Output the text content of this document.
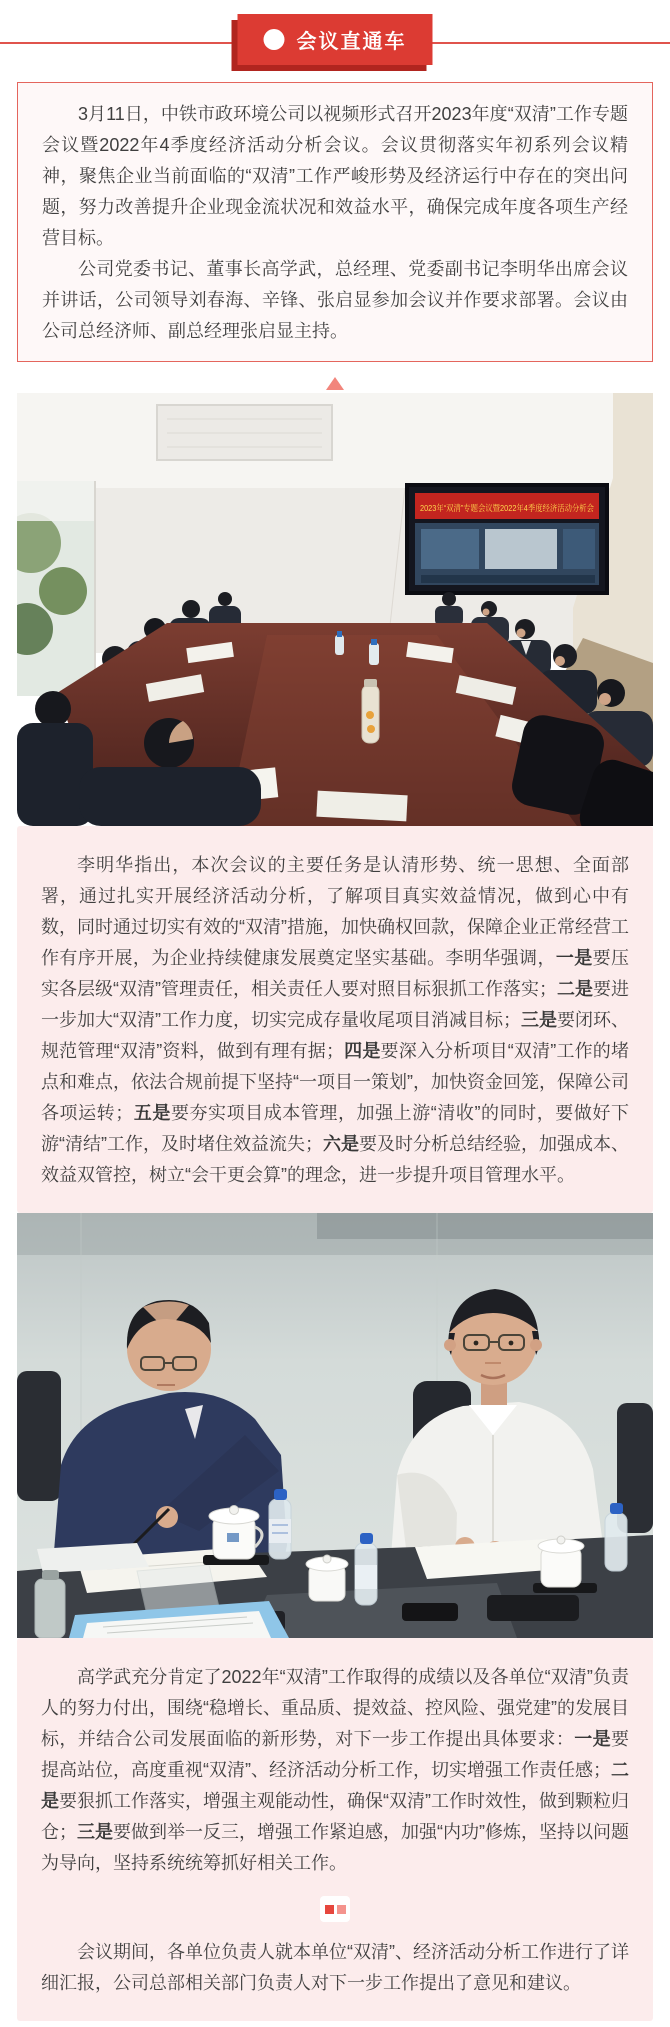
会议直通车

3月11日，中铁市政环境公司以视频形式召开2023年度“双清”工作专题会议暨2022年4季度经济活动分析会议。会议贯彻落实年初系列会议精神，聚焦企业当前面临的“双清”工作严峻形势及经济运行中存在的突出问题，努力改善提升企业现金流状况和效益水平，确保完成年度各项生产经营目标。

公司党委书记、董事长高学武，总经理、党委副书记李明华出席会议并讲话，公司领导刘春海、辛锋、张启显参加会议并作要求部署。会议由公司总经济师、副总经理张启显主持。

2023年“双清”专题会议暨2022年4季度经济活动分析会

李明华指出，本次会议的主要任务是认清形势、统一思想、全面部署，通过扎实开展经济活动分析，了解项目真实效益情况，做到心中有数，同时通过切实有效的“双清”措施，加快确权回款，保障企业正常经营工作有序开展，为企业持续健康发展奠定坚实基础。李明华强调，一是要压实各层级“双清”管理责任，相关责任人要对照目标狠抓工作落实；二是要进一步加大“双清”工作力度，切实完成存量收尾项目消减目标；三是要闭环、规范管理“双清”资料，做到有理有据；四是要深入分析项目“双清”工作的堵点和难点，依法合规前提下坚持“一项目一策划”，加快资金回笼，保障公司各项运转；五是要夯实项目成本管理，加强上游“清收”的同时，要做好下游“清结”工作，及时堵住效益流失；六是要及时分析总结经验，加强成本、效益双管控，树立“会干更会算”的理念，进一步提升项目管理水平。

高学武充分肯定了2022年“双清”工作取得的成绩以及各单位“双清”负责人的努力付出，围绕“稳增长、重品质、提效益、控风险、强党建”的发展目标，并结合公司发展面临的新形势，对下一步工作提出具体要求：一是要提高站位，高度重视“双清”、经济活动分析工作，切实增强工作责任感；二是要狠抓工作落实，增强主观能动性，确保“双清”工作时效性，做到颗粒归仓；三是要做到举一反三，增强工作紧迫感，加强“内功”修炼，坚持以问题为导向，坚持系统统筹抓好相关工作。

会议期间，各单位负责人就本单位“双清”、经济活动分析工作进行了详细汇报，公司总部相关部门负责人对下一步工作提出了意见和建议。
